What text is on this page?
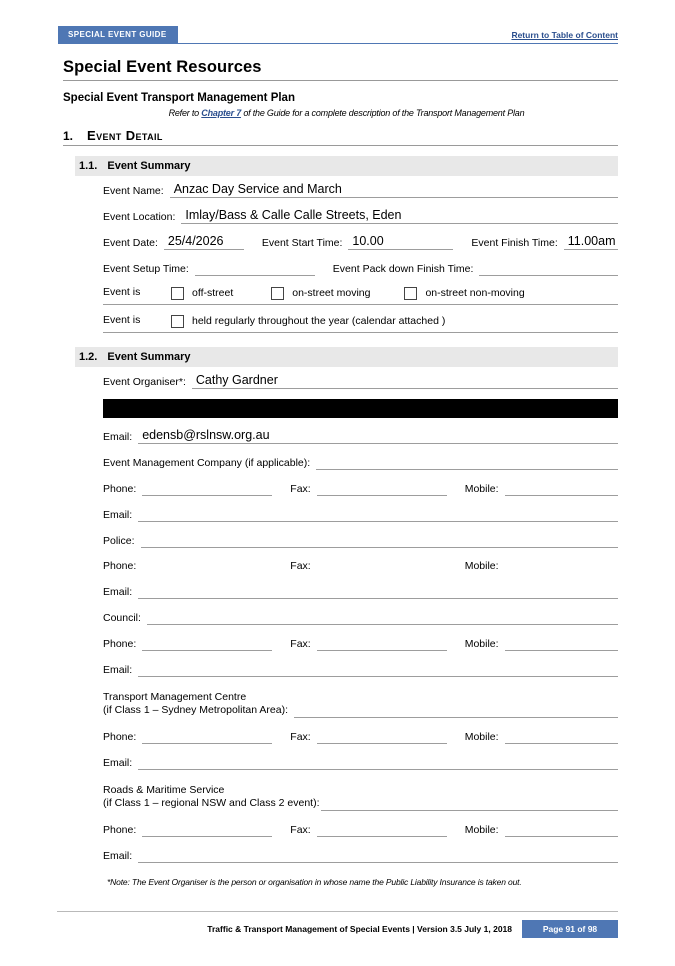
SPECIAL EVENT GUIDE	Return to Table of Content
Special Event Resources
Special Event Transport Management Plan
Refer to Chapter 7 of the Guide for a complete description of the Transport Management Plan
1. Event Detail
1.1. Event Summary
Event Name: Anzac Day Service and March
Event Location: Imlay/Bass & Calle Calle Streets, Eden
Event Date: 25/4/2026	Event Start Time: 10.00	Event Finish Time: 11.00am
Event Setup Time:	Event Pack down Finish Time:
Event is	off-street	on-street moving	on-street non-moving
Event is	held regularly throughout the year (calendar attached )
1.2. Event Summary
Event Organiser*: Cathy Gardner
Email: edensb@rslnsw.org.au
Event Management Company (if applicable):
Phone:	Fax:	Mobile:
Email:
Police:
Phone:	Fax:	Mobile:
Email:
Council:
Phone:	Fax:	Mobile:
Email:
Transport Management Centre
(if Class 1 – Sydney Metropolitan Area):
Phone:	Fax:	Mobile:
Email:
Roads & Maritime Service
(if Class 1 – regional NSW and Class 2 event):
Phone:	Fax:	Mobile:
Email:
*Note: The Event Organiser is the person or organisation in whose name the Public Liability Insurance is taken out.
Traffic & Transport Management of Special Events | Version 3.5 July 1, 2018	Page 91 of 98
